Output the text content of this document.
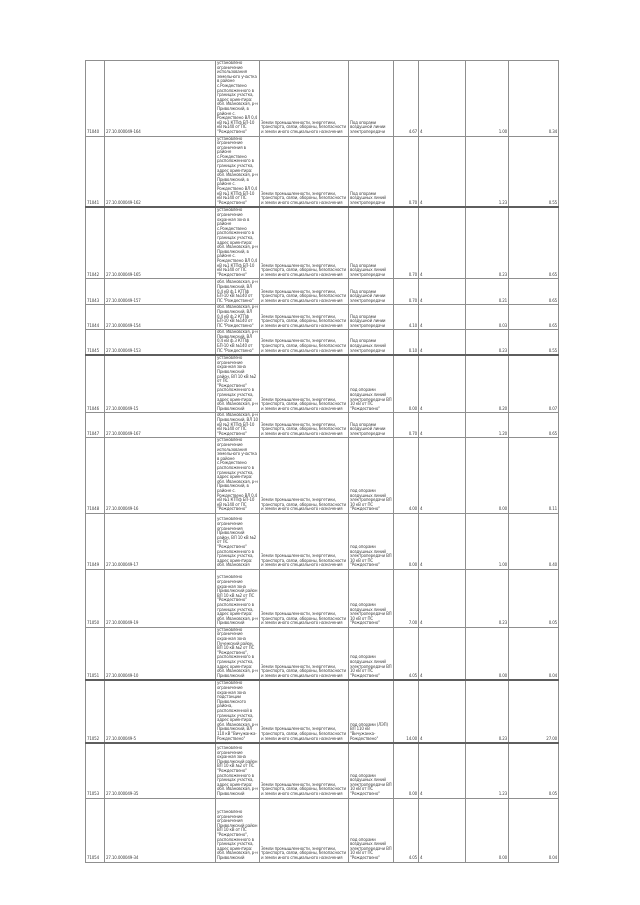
71040	27.10.000049-164	установлено ограничение использования земельного участка в районе с.Рождествено расположенного в границах участка, адрес ориентира: обл. Ивановская, р-н Приволжский, в районе с. Рождествено ВЛ 0,4 кВ №1 КТПф БП-10 кВ №140 от ПС "Рождествено"	Земли промышленности, энергетики, транспорта, связи, обороны, безопасности и земли иного специального назначения	Под опорами воздушной линии электропередачи	4.67	4	1.00	0.34
71041	27.10.000049-162	установлено ограничение ограничения в районе с.Рождествено расположенного в границах участка, адрес ориентира: обл. Ивановская, р-н Приволжский, в районе с. Рождествено ВЛ 0,4 кВ №1 КТПф БП-10 кВ №140 от ПС "Рождествено"	Земли промышленности, энергетики, транспорта, связи, обороны, безопасности и земли иного специального назначения	Под опорами воздушных линий электропередачи	0.70	4	1.23	0.55
71042	27.10.000049-165	установлено ограничение охранная зона в районе с.Рождествено расположенного в границах участка, адрес ориентира: обл. Ивановская, р-н Приволжский, в районе с. Рождествено ВЛ 0,4 кВ №1 КТПф БП-10 кВ №140 от ПС "Рождествено"	Земли промышленности, энергетики, транспорта, связи, обороны, безопасности и земли иного специального назначения	Под опорами воздушных линий электропередачи	0.70	4	0.23	0.65
71043	27.10.000049-157	обл. Ивановская, р-н Приволжский, ВЛ 0,4 кВ ф.1 КТПф БП-10 кВ №140 от ПС "Рождествено"	Земли промышленности, энергетики, транспорта, связи, обороны, безопасности и земли иного специального назначения	Под опорами воздушной линии электропередачи	0.70	4	0.21	0.65
71044	27.10.000049-154	обл. Ивановская, р-н Приволжский, ВЛ 0,4 кВ ф.2 КТПф БП-10 кВ №140 от ПС "Рождествено"	Земли промышленности, энергетики, транспорта, связи, обороны, безопасности и земли иного специального назначения	Под опорами воздушной линии электропередачи	4.10	4	0.03	0.65
71045	27.10.000049-153	обл. Ивановская, р-н Приволжский, ВЛ 0,4 кВ ф.3 КТПф БП-10 кВ №140 от ПС "Рождествено"	Земли промышленности, энергетики, транспорта, связи, обороны, безопасности и земли иного специального назначения	Под опорами воздушных линий электропередачи	0.10	4	0.23	0.55
71046	27.10.000049-15	установлено ограничение охранная зона Приволжский район, ВЛ 10 кВ №2 от ПС "Рождествено" расположенного в границах участка, адрес ориентира: обл. Ивановская, р-н Приволжский	Земли промышленности, энергетики, транспорта, связи, обороны, безопасности и земли иного специального назначения	под опорами воздушных линий электропередачи ВЛ 10 кВ от ПС "Рождествено"	0.00	4	0.20	0.07
71047	27.10.000049-167	обл. Ивановская, р-н Приволжский, ВЛ 10 кВ №2 КТПф БП-10 кВ №140 от ПС "Рождествено"	Земли промышленности, энергетики, транспорта, связи, обороны, безопасности и земли иного специального назначения	Под опорами воздушной линии электропередачи	0.70	4	1.20	0.65
71048	27.10.000049-16	установлено ограничение использования земельного участка в районе с.Рождествено расположенного в границах участка, адрес ориентира: обл. Ивановская, р-н Приволжский, в районе с. Рождествено ВЛ 0,4 кВ №1 КТПф БП-10 кВ №140 от ПС "Рождествено"	Земли промышленности, энергетики, транспорта, связи, обороны, безопасности и земли иного специального назначения	под опорами воздушных линий электропередачи ВЛ 10 кВ от ПС "Рождествено"	4.00	4	0.00	0.11
71049	27.10.000049-17	установлено ограничение ограничения Приволжский район, ВЛ 10 кВ №2 от ПС "Рождествено" расположенного в границах участка, адрес ориентира: обл. Ивановская	Земли промышленности, энергетики, транспорта, связи, обороны, безопасности и земли иного специального назначения	под опорами воздушных линий электропередачи ВЛ 10 кВ от ПС "Рождествено"	0.00	4	1.00	0.40
71050	27.10.000049-19	установлено ограничение охранная зона Приволжский район ВЛ 10 кВ №2 от ПС "Рождествено" расположенного в границах участка, адрес ориентира: обл. Ивановская, р-н Приволжский	Земли промышленности, энергетики, транспорта, связи, обороны, безопасности и земли иного специального назначения	под опорами воздушных линий электропередачи ВЛ 10 кВ от ПС "Рождествено"	7.00	4	0.23	0.05
71051	27.10.000049-10	установлено ограничение охранная зона Пучежский район, ВЛ 10 кВ №2 от ПС "Рождествено", расположенного в границах участка, адрес ориентира: обл. Ивановская, р-н Приволжский	Земли промышленности, энергетики, транспорта, связи, обороны, безопасности и земли иного специального назначения	под опорами воздушных линий электропередачи ВЛ 10 кВ от ПС "Рождествено"	4.05	4	0.00	0.04
71052	27.10.000049-5	установлено ограничение охранная зона подстанции Приволжского района, расположенной в границах участка, адрес ориентира: обл. Ивановская, р-н Приволжский, ВЛ 110 кВ "Вичужанка-Рождествено"	Земли промышленности, энергетики, транспорта, связи, обороны, безопасности и земли иного специального назначения	под опорами (ЛЭП) ВЛ 110 кВ "Вичужанка-Рождествено"	14.00	4	0.23	27.00
71053	27.10.000049-35	установлено ограничение охранная зона Приволжский район ВЛ 10 кВ №2 от ПС "Рождествено" расположенного в границах участка, адрес ориентира: обл. Ивановская, р-н Приволжский	Земли промышленности, энергетики, транспорта, связи, обороны, безопасности и земли иного специального назначения	под опорами воздушных линий электропередачи ВЛ 10 кВ от ПС "Рождествено"	0.00	4	1.23	0.05
71054	27.10.000049-34	установлено ограничение ограничения Приволжский район ВЛ 10 кВ от ПС "Рождествено", расположенного в границах участка, адрес ориентира: обл. Ивановская, р-н Приволжский	Земли промышленности, энергетики, транспорта, связи, обороны, безопасности и земли иного специального назначения	под опорами воздушных линий электропередачи ВЛ 10 кВ от ПС "Рождествено"	4.05	4	0.00	0.04
